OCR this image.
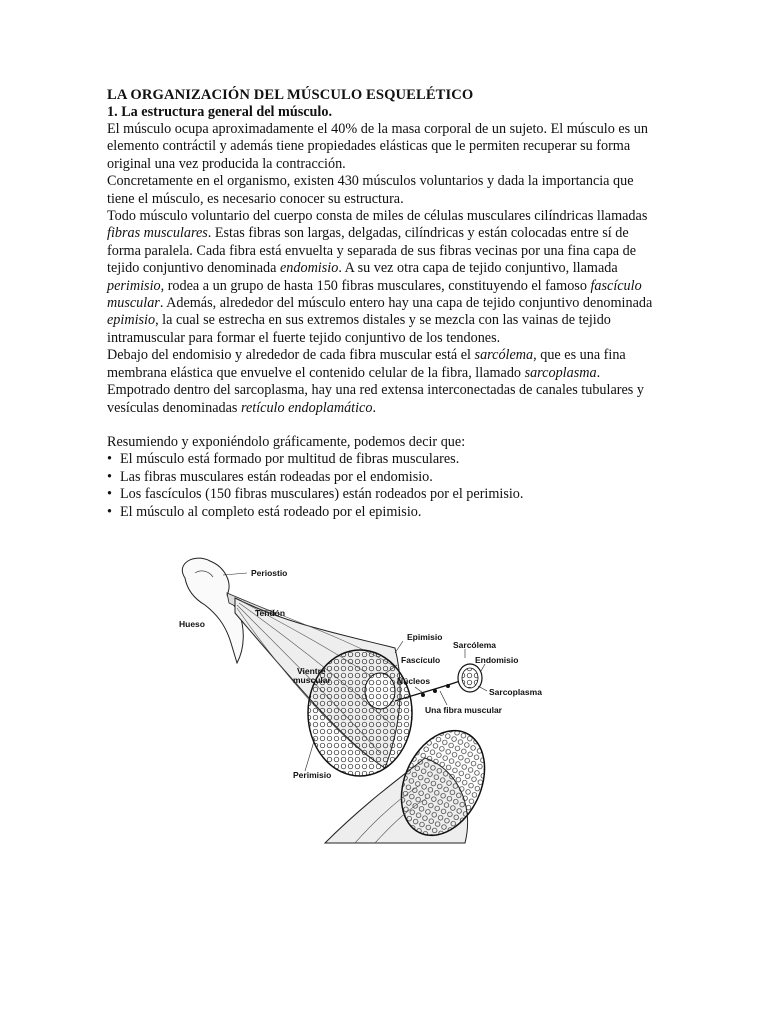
LA ORGANIZACIÓN DEL MÚSCULO ESQUELÉTICO
1. La estructura general del músculo.

El músculo ocupa aproximadamente el 40% de la masa corporal de un sujeto. El músculo es un elemento contráctil y además tiene propiedades elásticas que le permiten recuperar su forma original una vez producida la contracción.

Concretamente en el organismo, existen 430 músculos voluntarios y dada la importancia que tiene el músculo, es necesario conocer su estructura.

Todo músculo voluntario del cuerpo consta de miles de células musculares cilíndricas llamadas fibras musculares. Estas fibras son largas, delgadas, cilíndricas y están colocadas entre sí de forma paralela. Cada fibra está envuelta y separada de sus fibras vecinas por una fina capa de tejido conjuntivo denominada endomisio. A su vez otra capa de tejido conjuntivo, llamada perimisio, rodea a un grupo de hasta 150 fibras musculares, constituyendo el famoso fascículo muscular. Además, alrededor del músculo entero hay una capa de tejido conjuntivo denominada epimisio, la cual se estrecha en sus extremos distales y se mezcla con las vainas de tejido intramuscular para formar el fuerte tejido conjuntivo de los tendones.

Debajo del endomisio y alrededor de cada fibra muscular está el sarcólema, que es una fina membrana elástica que envuelve el contenido celular de la fibra, llamado sarcoplasma. Empotrado dentro del sarcoplasma, hay una red extensa interconectadas de canales tubulares y vesículas denominadas retículo endoplamático.

Resumiendo y exponiéndolo gráficamente, podemos decir que:

• El músculo está formado por multitud de fibras musculares.
• Las fibras musculares están rodeadas por el endomisio.
• Los fascículos (150 fibras musculares) están rodeados por el perimisio.
• El músculo al completo está rodeado por el epimisio.
Periostio
Tendón
Hueso
Epimisio
Fascículo
Vientre
muscular	Núcleos
Sarcólema
Endomisio
Sarcoplasma
Una fibra muscular
Perimisio
